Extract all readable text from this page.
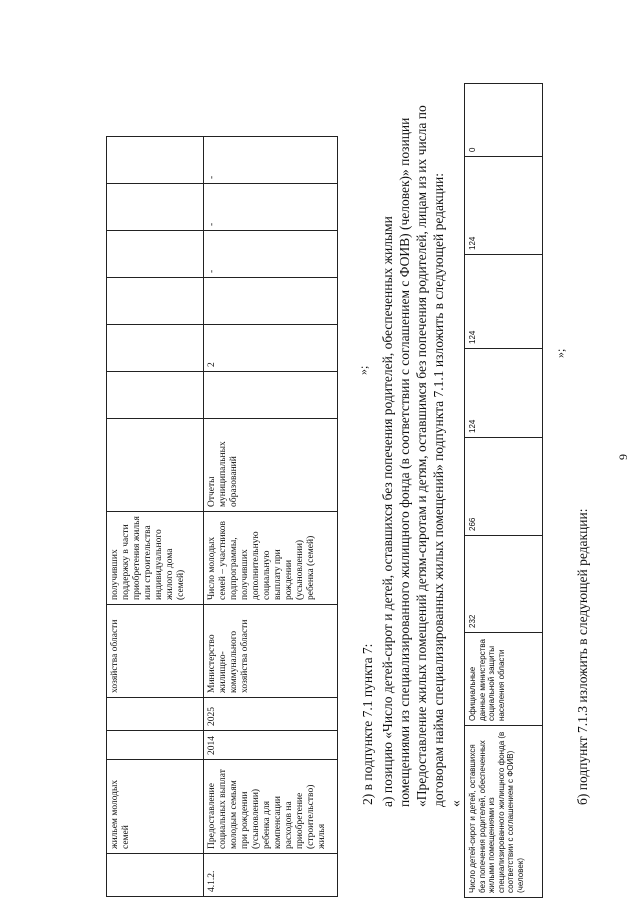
9
	жильем молодых семей			хозяйства области	получивших поддержку в части приобретения жилья или строительства индивидуального жилого дома (семей)							
4.1.2.	Предоставление социальных выплат молодым семьям при рождении (усыновлении) ребенка для компенсации расходов на приобретение (строительство) жилья	2014	2025	Министерство жилищно-коммунального хозяйства области	Число молодых семей – участников подпрограммы, получивших дополнительную социальную выплату при рождении (усыновлении) ребенка (семей)	Отчеты муниципальных образований		2		-	-	-
»;

2) в подпункте 7.1 пункта 7: а) позицию «Число детей-сирот и детей, оставшихся без попечения родителей, обеспеченных жилыми помещениями из специализированного жилищного фонда (в соответствии с соглашением с ФОИВ) (человек)» позиции «Предоставление жилых помещений детям-сиротам и детям, оставшимся без попечения родителей, лицам из их числа по договорам найма специализированных жилых помещений» подпункта 7.1.1 изложить в следующей редакции: « Число детей-сирот и детей, оставшихся без попечения родителей, обеспеченных жилыми помещениями из специализированного жилищного фонда (в соответствии с соглашением с ФОИВ) (человек)	Официальные данные министерства социальной защиты населения области	232	266	124	124	124	0
»;

б) подпункт 7.1.3 изложить в следующей редакции:
